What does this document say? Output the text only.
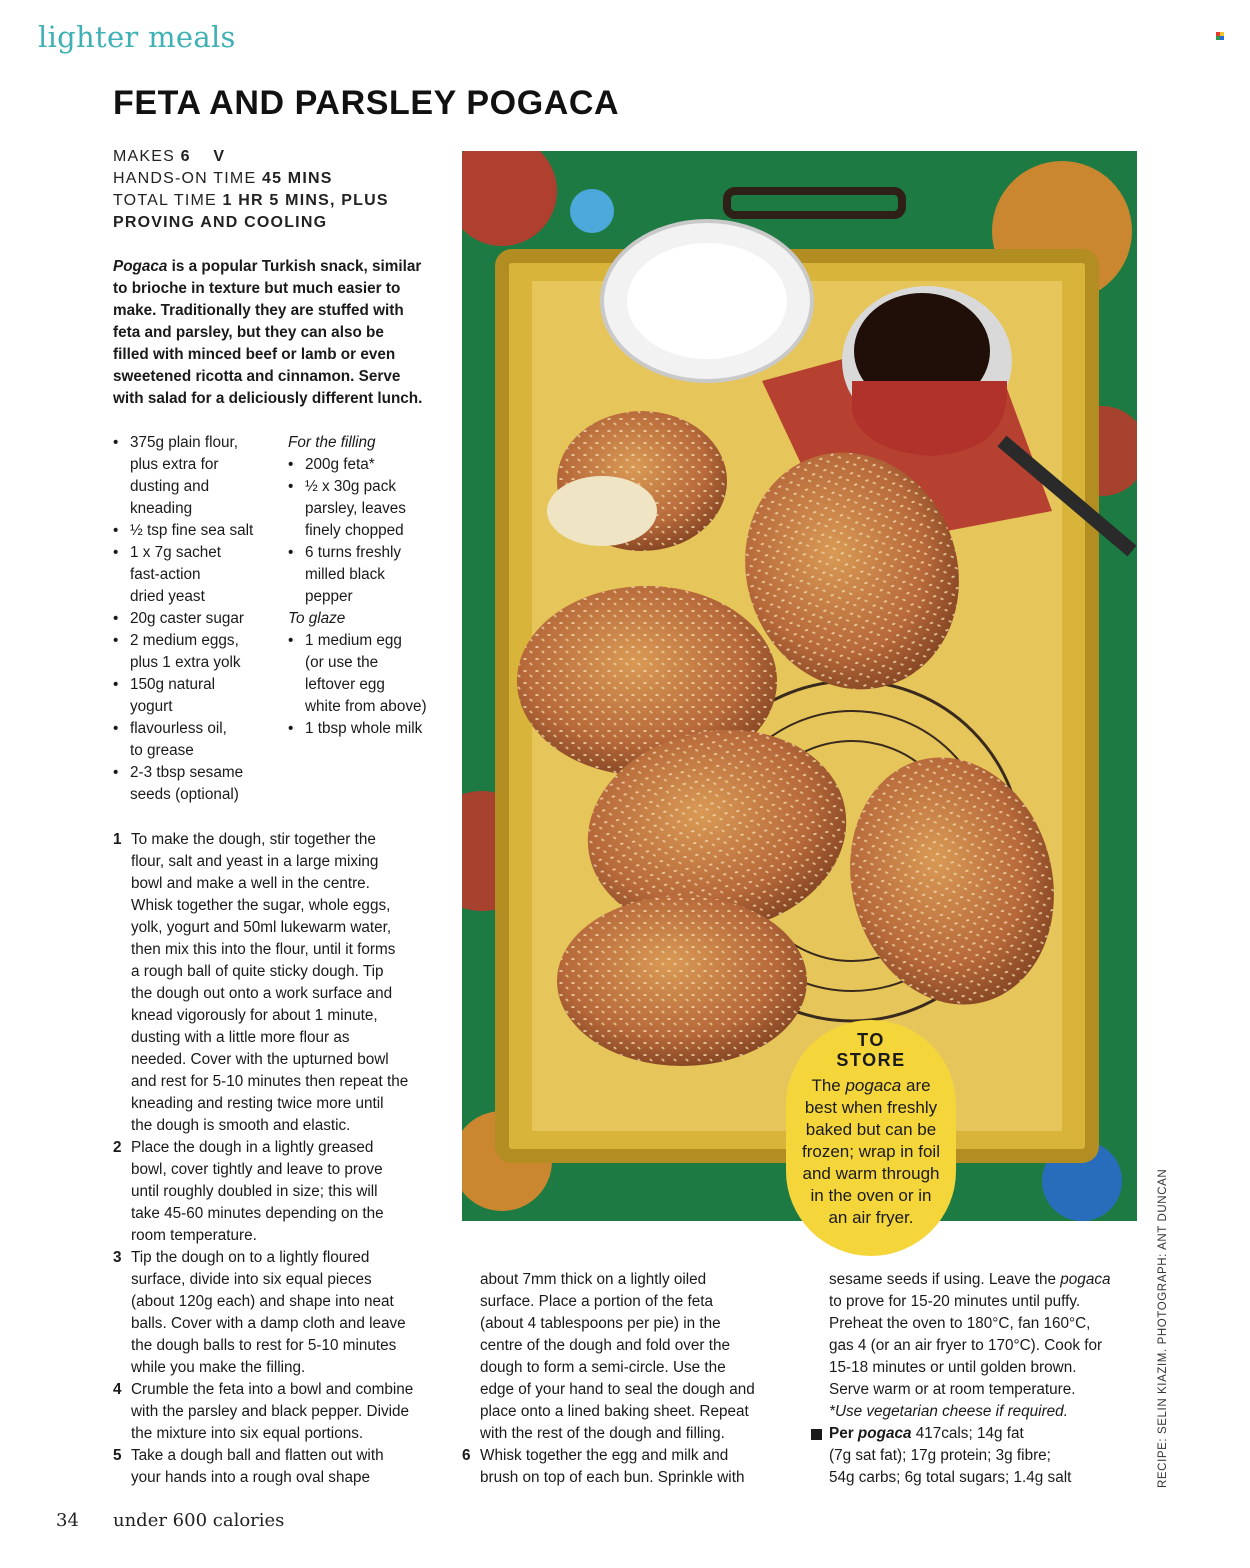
lighter meals
FETA AND PARSLEY POGACA
MAKES 6 V
HANDS-ON TIME 45 MINS
TOTAL TIME 1 HR 5 MINS, PLUS
PROVING AND COOLING
Pogaca is a popular Turkish snack, similar
to brioche in texture but much easier to
make. Traditionally they are stuffed with
feta and parsley, but they can also be
filled with minced beef or lamb or even
sweetened ricotta and cinnamon. Serve
with salad for a deliciously different lunch.
• 375g plain flour,
plus extra for
dusting and
kneading
• ½ tsp fine sea salt
• 1 x 7g sachet
fast-action
dried yeast
• 20g caster sugar
• 2 medium eggs,
plus 1 extra yolk
• 150g natural
yogurt
• flavourless oil,
to grease
• 2-3 tbsp sesame
seeds (optional)
For the filling
• 200g feta*
• ½ x 30g pack
parsley, leaves
finely chopped
• 6 turns freshly
milled black
pepper
To glaze
• 1 medium egg
(or use the
leftover egg
white from above)
• 1 tbsp whole milk
TO
STORE
The pogaca are
best when freshly
baked but can be
frozen; wrap in foil
and warm through
in the oven or in
an air fryer.
1 To make the dough, stir together the
flour, salt and yeast in a large mixing
bowl and make a well in the centre.
Whisk together the sugar, whole eggs,
yolk, yogurt and 50ml lukewarm water,
then mix this into the flour, until it forms
a rough ball of quite sticky dough. Tip
the dough out onto a work surface and
knead vigorously for about 1 minute,
dusting with a little more flour as
needed. Cover with the upturned bowl
and rest for 5-10 minutes then repeat the
kneading and resting twice more until
the dough is smooth and elastic.
2 Place the dough in a lightly greased
bowl, cover tightly and leave to prove
until roughly doubled in size; this will
take 45-60 minutes depending on the
room temperature.
3 Tip the dough on to a lightly floured
surface, divide into six equal pieces
(about 120g each) and shape into neat
balls. Cover with a damp cloth and leave
the dough balls to rest for 5-10 minutes
while you make the filling.
4 Crumble the feta into a bowl and combine
with the parsley and black pepper. Divide
the mixture into six equal portions.
5 Take a dough ball and flatten out with
your hands into a rough oval shape
about 7mm thick on a lightly oiled
surface. Place a portion of the feta
(about 4 tablespoons per pie) in the
centre of the dough and fold over the
dough to form a semi-circle. Use the
edge of your hand to seal the dough and
place onto a lined baking sheet. Repeat
with the rest of the dough and filling.
6 Whisk together the egg and milk and
brush on top of each bun. Sprinkle with
sesame seeds if using. Leave the pogaca
to prove for 15-20 minutes until puffy.
Preheat the oven to 180°C, fan 160°C,
gas 4 (or an air fryer to 170°C). Cook for
15-18 minutes or until golden brown.
Serve warm or at room temperature.
*Use vegetarian cheese if required.
Per pogaca 417cals; 14g fat
(7g sat fat); 17g protein; 3g fibre;
54g carbs; 6g total sugars; 1.4g salt	RECIPE: SELIN KIAZIM. PHOTOGRAPH: ANT DUNCAN
34 under 600 calories
